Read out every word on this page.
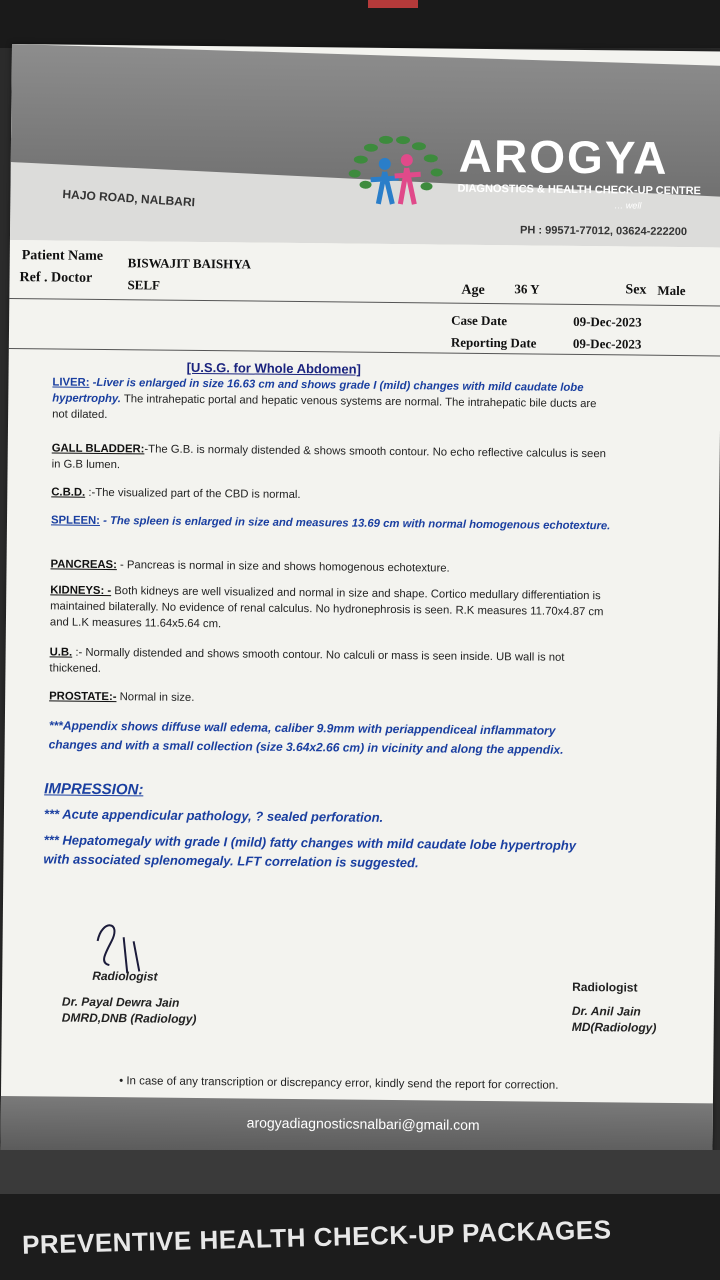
AROGYA
DIAGNOSTICS & HEALTH CHECK-UP CENTRE
… well
HAJO ROAD, NALBARI
PH : 99571-77012, 03624-222200
Patient Name BISWAJIT BAISHYA
Ref . Doctor	SELF	Age 36 Y	Sex Male
Case Date	09-Dec-2023
Reporting Date	09-Dec-2023
[U.S.G. for Whole Abdomen]
LIVER: -Liver is enlarged in size 16.63 cm and shows grade I (mild) changes with mild caudate lobe hypertrophy. The intrahepatic portal and hepatic venous systems are normal. The intrahepatic bile ducts are not dilated.
GALL BLADDER:-The G.B. is normaly distended & shows smooth contour. No echo reflective calculus is seen in G.B lumen.
C.B.D. :-The visualized part of the CBD is normal.
SPLEEN: - The spleen is enlarged in size and measures 13.69 cm with normal homogenous echotexture.
PANCREAS: - Pancreas is normal in size and shows homogenous echotexture.
KIDNEYS: - Both kidneys are well visualized and normal in size and shape. Cortico medullary differentiation is maintained bilaterally. No evidence of renal calculus. No hydronephrosis is seen. R.K measures 11.70x4.87 cm and L.K measures 11.64x5.64 cm.
U.B. :- Normally distended and shows smooth contour. No calculi or mass is seen inside. UB wall is not thickened.
PROSTATE:- Normal in size.
***Appendix shows diffuse wall edema, caliber 9.9mm with periappendiceal inflammatory changes and with a small collection (size 3.64x2.66 cm) in vicinity and along the appendix.
IMPRESSION:
*** Acute appendicular pathology, ? sealed perforation.
*** Hepatomegaly with grade I (mild) fatty changes with mild caudate lobe hypertrophy with associated splenomegaly. LFT correlation is suggested.
Radiologist
Dr. Payal Dewra Jain
DMRD,DNB (Radiology)
Radiologist
Dr. Anil Jain
MD(Radiology)
• In case of any transcription or discrepancy error, kindly send the report for correction.
arogyadiagnosticsnalbari@gmail.com
PREVENTIVE HEALTH CHECK-UP PACKAGES
